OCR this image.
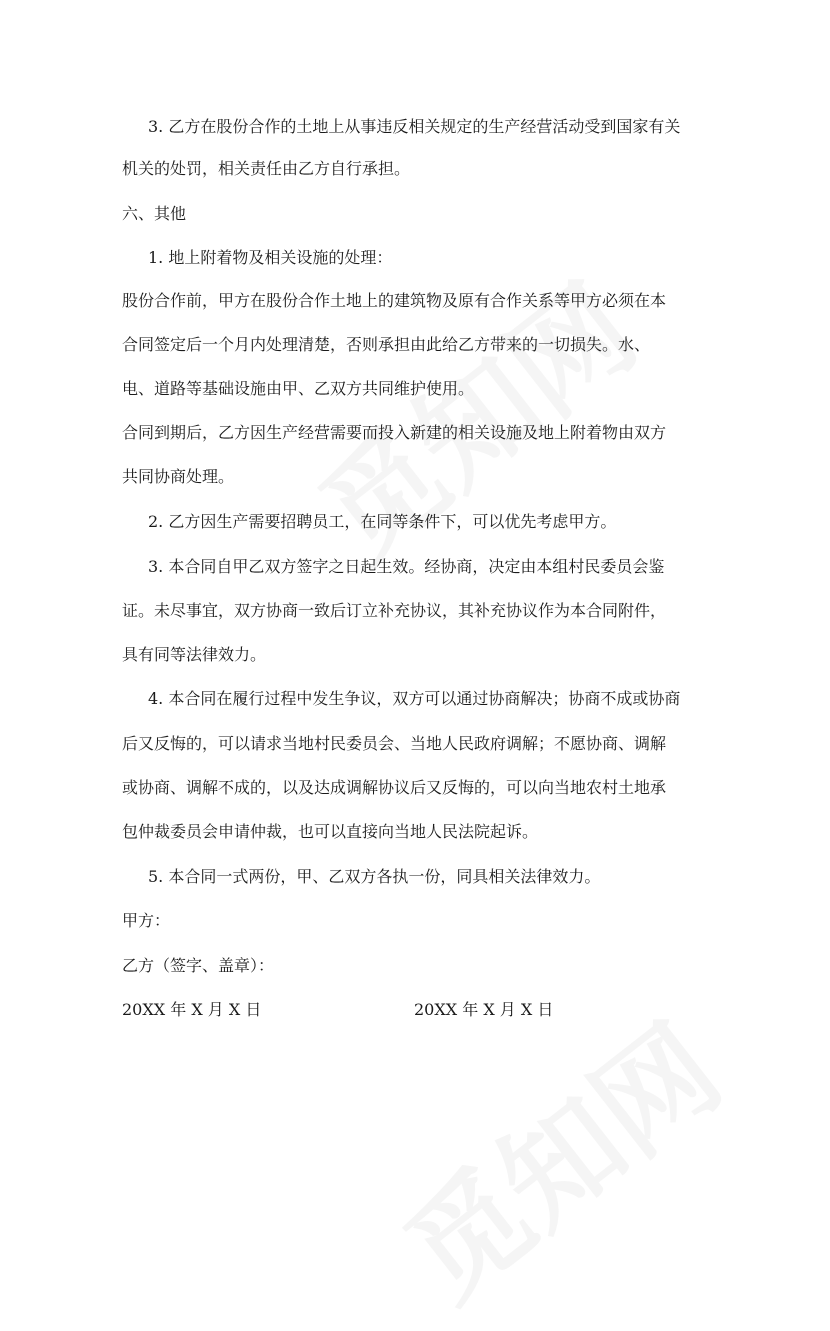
3. 乙方在股份合作的土地上从事违反相关规定的生产经营活动受到国家有关

机关的处罚，相关责任由乙方自行承担。

六、其他

1. 地上附着物及相关设施的处理：

股份合作前，甲方在股份合作土地上的建筑物及原有合作关系等甲方必须在本

合同签定后一个月内处理清楚，否则承担由此给乙方带来的一切损失。水、

电、道路等基础设施由甲、乙双方共同维护使用。

合同到期后，乙方因生产经营需要而投入新建的相关设施及地上附着物由双方

共同协商处理。

2. 乙方因生产需要招聘员工，在同等条件下，可以优先考虑甲方。

3. 本合同自甲乙双方签字之日起生效。经协商，决定由本组村民委员会鉴

证。未尽事宜，双方协商一致后订立补充协议，其补充协议作为本合同附件，

具有同等法律效力。

4. 本合同在履行过程中发生争议，双方可以通过协商解决；协商不成或协商

后又反悔的，可以请求当地村民委员会、当地人民政府调解；不愿协商、调解

或协商、调解不成的，以及达成调解协议后又反悔的，可以向当地农村土地承

包仲裁委员会申请仲裁，也可以直接向当地人民法院起诉。

5. 本合同一式两份，甲、乙双方各执一份，同具相关法律效力。

甲方：

乙方（签字、盖章）：

20XX 年 X 月 X 日	20XX 年 X 月 X 日
